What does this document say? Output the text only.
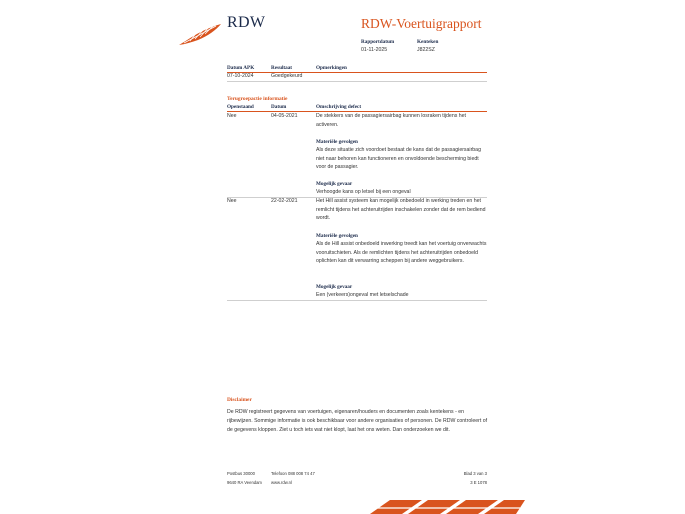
RDW	RDW-Voertuigrapport
Rapportdatum
01-11-2025
Kenteken
J822SZ
Datum APK	Resultaat	Opmerkingen
07-10-2024	Goedgekeurd
Terugroepactie informatie
Openstaand	Datum	Omschrijving defect
Nee	04-05-2021	De stekkers van de passagiersairbag kunnen losraken tijdens het activeren.
Materiële gevolgen
Als deze situatie zich voordoet bestaat de kans dat de passagiersairbag niet naar behoren kan functioneren en onvoldoende bescherming biedt voor de passagier.
Mogelijk gevaar
Verhoogde kans op letsel bij een ongeval
Nee	22-02-2021	Het Hill assist systeem kan mogelijk onbedoeld in werking treden en het remlicht tijdens het achteruitrijden inschakelen zonder dat de rem bediend wordt.
Materiële gevolgen
Als de Hill assist onbedoeld inwerking treedt kan het voertuig onverwachts vooruitschieten. Als de remlichten tijdens het achteruitrijden onbedoeld oplichten kan dit verwarring scheppen bij andere weggebruikers.
Mogelijk gevaar
Een (verkeers)ongeval met letselschade
Disclaimer
De RDW registreert gegevens van voertuigen, eigenaren/houders en documenten zoals kentekens - en rijbewijzen. Sommige informatie is ook beschikbaar voor andere organisaties of personen. De RDW controleert of de gegevens kloppen. Ziet u toch iets wat niet klopt, laat het ons weten. Dan onderzoeken we dit.
Postbus 30000
9640 RA Veendam
Telefoon 088 008 74 47
www.rdw.nl
Blad 3 van 3
3 E 1078
